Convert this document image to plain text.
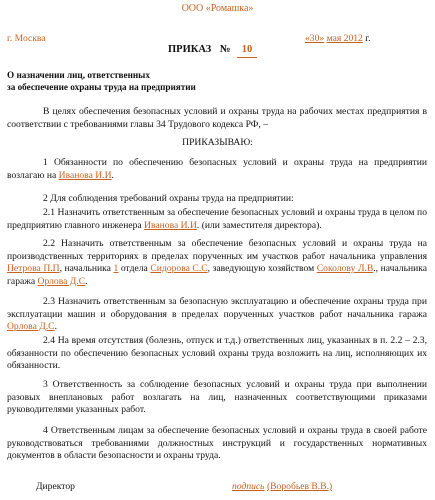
ООО «Ромашка»
г. Москва	«30» мая 2012 г.
ПРИКАЗ № 10
О назначении лиц, ответственных
за обеспечение охраны труда на предприятии
В целях обеспечения безопасных условий и охраны труда на рабочих местах предприятия в соответствии с требованиями главы 34 Трудового кодекса РФ, –
ПРИКАЗЫВАЮ:
1 Обязанности по обеспечению безопасных условий и охраны труда на предприятии возлагаю на Иванова И.И.
2 Для соблюдения требований охраны труда на предприятии:
2.1 Назначить ответственным за обеспечение безопасных условий и охраны труда в целом по предприятию главного инженера Иванова И.И. (или заместителя директора).
2.2 Назначить ответственным за обеспечение безопасных условий и охраны труда на производственных территориях в пределах порученных им участков работ начальника управления Петрова П.П, начальника 1 отдела Сидорова С.С, заведующую хозяйством Соколову Л.В., начальника гаража Орлова Д.С.
2.3 Назначить ответственным за безопасную эксплуатацию и обеспечение охраны труда при эксплуатации машин и оборудования в пределах порученных участков работ начальника гаража Орлова Д.С.
2.4 На время отсутствия (болезнь, отпуск и т.д.) ответственных лиц, указанных в п. 2.2 – 2.3, обязанности по обеспечению безопасных условий охраны труда возложить на лиц, исполняющих их обязанности.
3 Ответственность за соблюдение безопасных условий и охраны труда при выполнении разовых внеплановых работ возлагать на лиц, назначенных соответствующими приказами руководителями указанных работ.
4 Ответственным лицам за обеспечение безопасных условий и охраны труда в своей работе руководствоваться требованиями должностных инструкций и государственных нормативных документов в области безопасности и охраны труда.
Директор	подпись (Воробьев В.В.)
